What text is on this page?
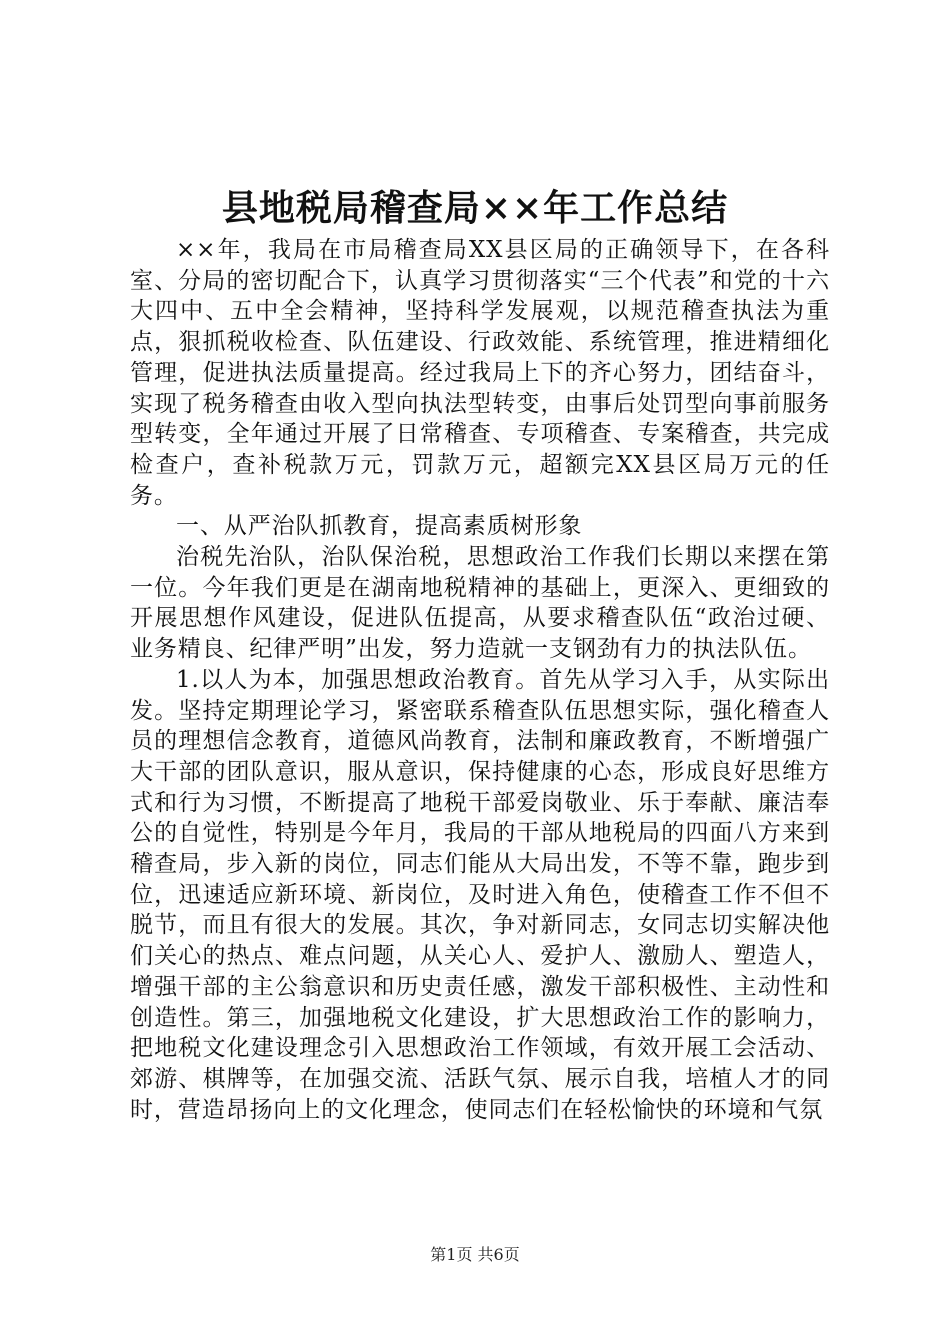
县地税局稽查局××年工作总结

××年，我局在市局稽查局XX县区局的正确领导下，在各科室、分局的密切配合下，认真学习贯彻落实“三个代表”和党的十六大四中、五中全会精神，坚持科学发展观，以规范稽查执法为重点，狠抓税收检查、队伍建设、行政效能、系统管理，推进精细化管理，促进执法质量提高。经过我局上下的齐心努力，团结奋斗，实现了税务稽查由收入型向执法型转变，由事后处罚型向事前服务型转变，全年通过开展了日常稽查、专项稽查、专案稽查，共完成检查户，查补税款万元，罚款万元，超额完XX县区局万元的任务。

一、从严治队抓教育，提高素质树形象

治税先治队，治队保治税，思想政治工作我们长期以来摆在第一位。今年我们更是在湖南地税精神的基础上，更深入、更细致的开展思想作风建设，促进队伍提高，从要求稽查队伍“政治过硬、业务精良、纪律严明”出发，努力造就一支钢劲有力的执法队伍。

1.以人为本，加强思想政治教育。首先从学习入手，从实际出发。坚持定期理论学习，紧密联系稽查队伍思想实际，强化稽查人员的理想信念教育，道德风尚教育，法制和廉政教育，不断增强广大干部的团队意识，服从意识，保持健康的心态，形成良好思维方式和行为习惯，不断提高了地税干部爱岗敬业、乐于奉献、廉洁奉公的自觉性，特别是今年月，我局的干部从地税局的四面八方来到稽查局，步入新的岗位，同志们能从大局出发，不等不靠，跑步到位，迅速适应新环境、新岗位，及时进入角色，使稽查工作不但不脱节，而且有很大的发展。其次，争对新同志，女同志切实解决他们关心的热点、难点问题，从关心人、爱护人、激励人、塑造人，增强干部的主公翁意识和历史责任感，激发干部积极性、主动性和创造性。第三，加强地税文化建设，扩大思想政治工作的影响力，把地税文化建设理念引入思想政治工作领域，有效开展工会活动、郊游、棋牌等，在加强交流、活跃气氛、展示自我，培植人才的同时，营造昂扬向上的文化理念，使同志们在轻松愉快的环境和气氛

第1页 共6页
